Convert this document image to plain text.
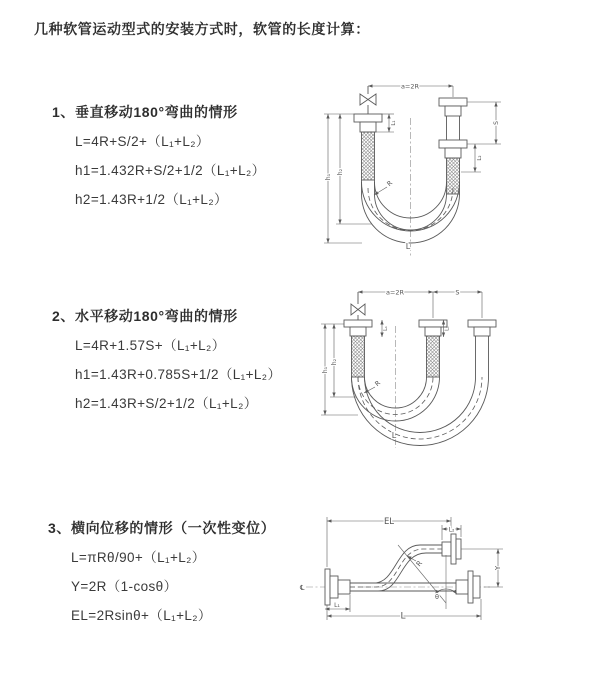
几种软管运动型式的安装方式时，软管的长度计算：
1、垂直移动180°弯曲的情形
L=4R+S/2+（L₁+L₂）
h1=1.432R+S/2+1/2（L₁+L₂）
h2=1.43R+1/2（L₁+L₂）
2、水平移动180°弯曲的情形
L=4R+1.57S+（L₁+L₂）
h1=1.43R+0.785S+1/2（L₁+L₂）
h2=1.43R+S/2+1/2（L₁+L₂）
3、横向位移的情形（一次性变位）
L=πRθ/90+（L₁+L₂）
Y=2R（1-cosθ）
EL=2Rsinθ+（L₁+L₂）
a=2R
L₁	S
L₂
h₁
h₂
R
L
a=2R	S
h₁
h₂
L₁	L₂
R
L
℄
EL
L₂
Y
L₁
L
R
θ
